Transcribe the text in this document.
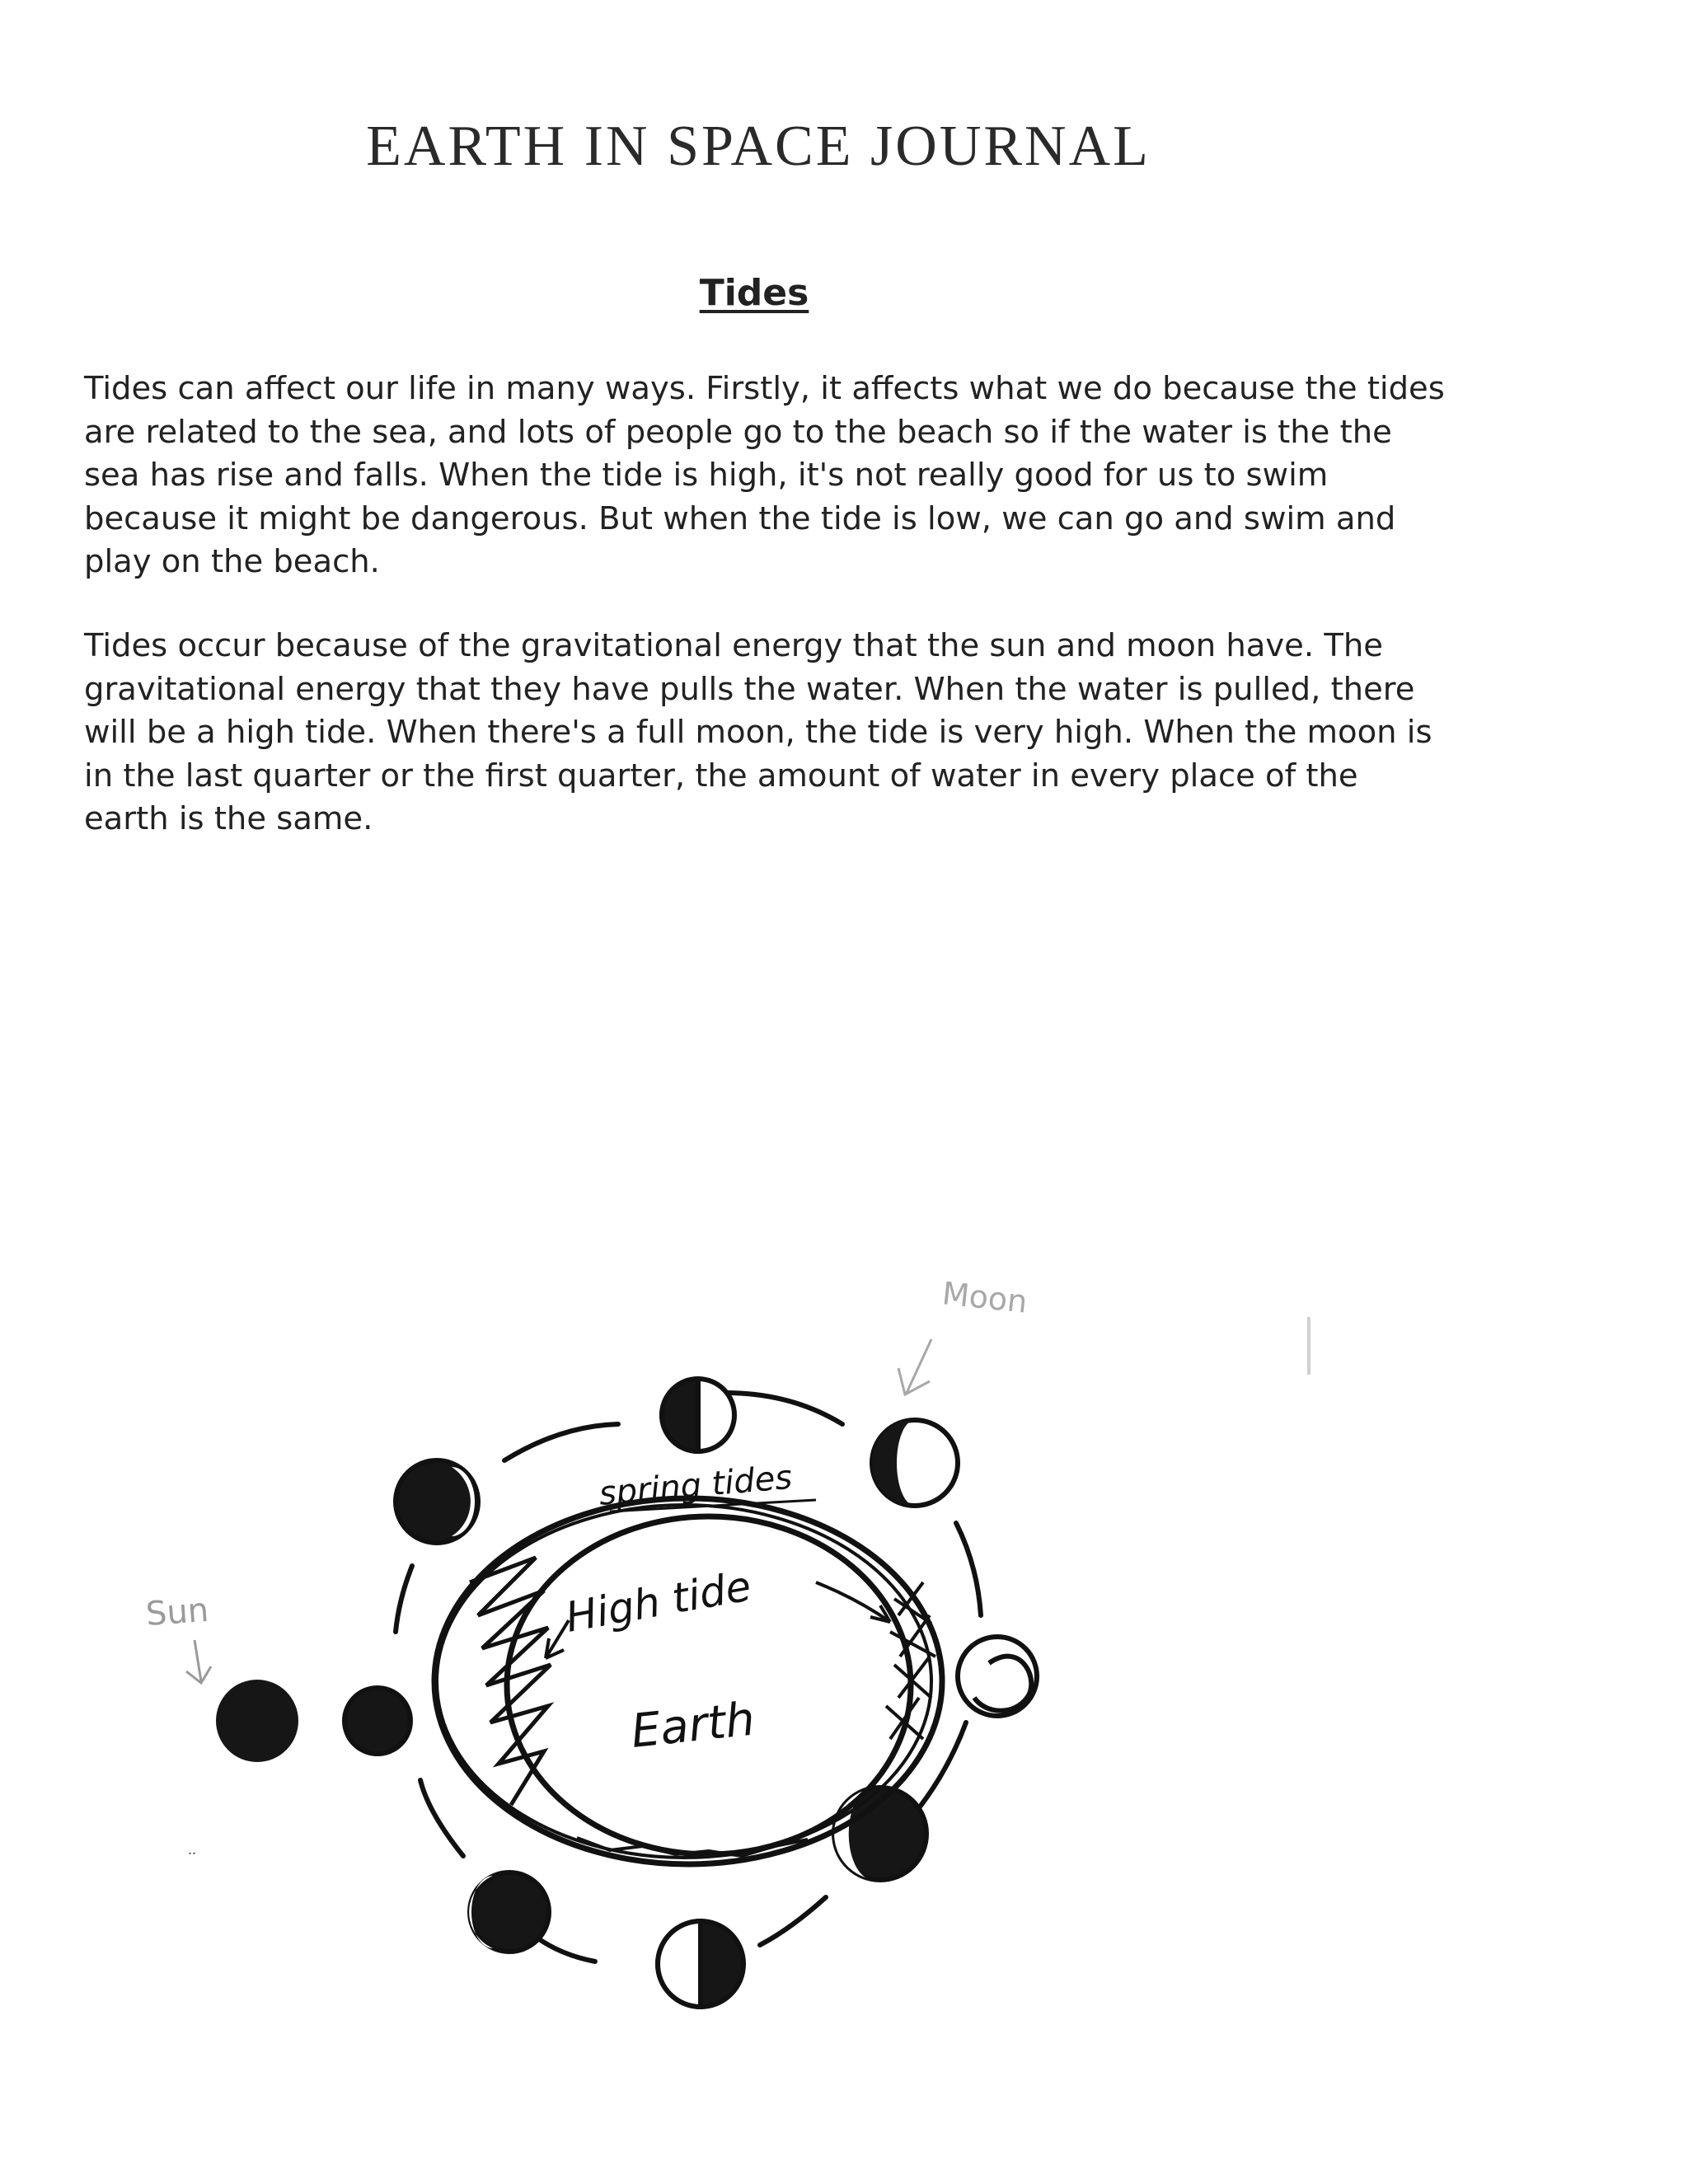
EARTH IN SPACE JOURNAL
Tides

Tides can affect our life in many ways. Firstly, it affects what we do because the tides are related to the sea, and lots of people go to the beach so if the water is the the sea has rise and falls. When the tide is high, it's not really good for us to swim because it might be dangerous. But when the tide is low, we can go and swim and play on the beach.

Tides occur because of the gravitational energy that the sun and moon have. The gravitational energy that they have pulls the water. When the water is pulled, there will be a high tide. When there's a full moon, the tide is very high. When the moon is in the last quarter or the first quarter, the amount of water in every place of the earth is the same.

Sun
..
Moon
spring tides
High tide
Earth
